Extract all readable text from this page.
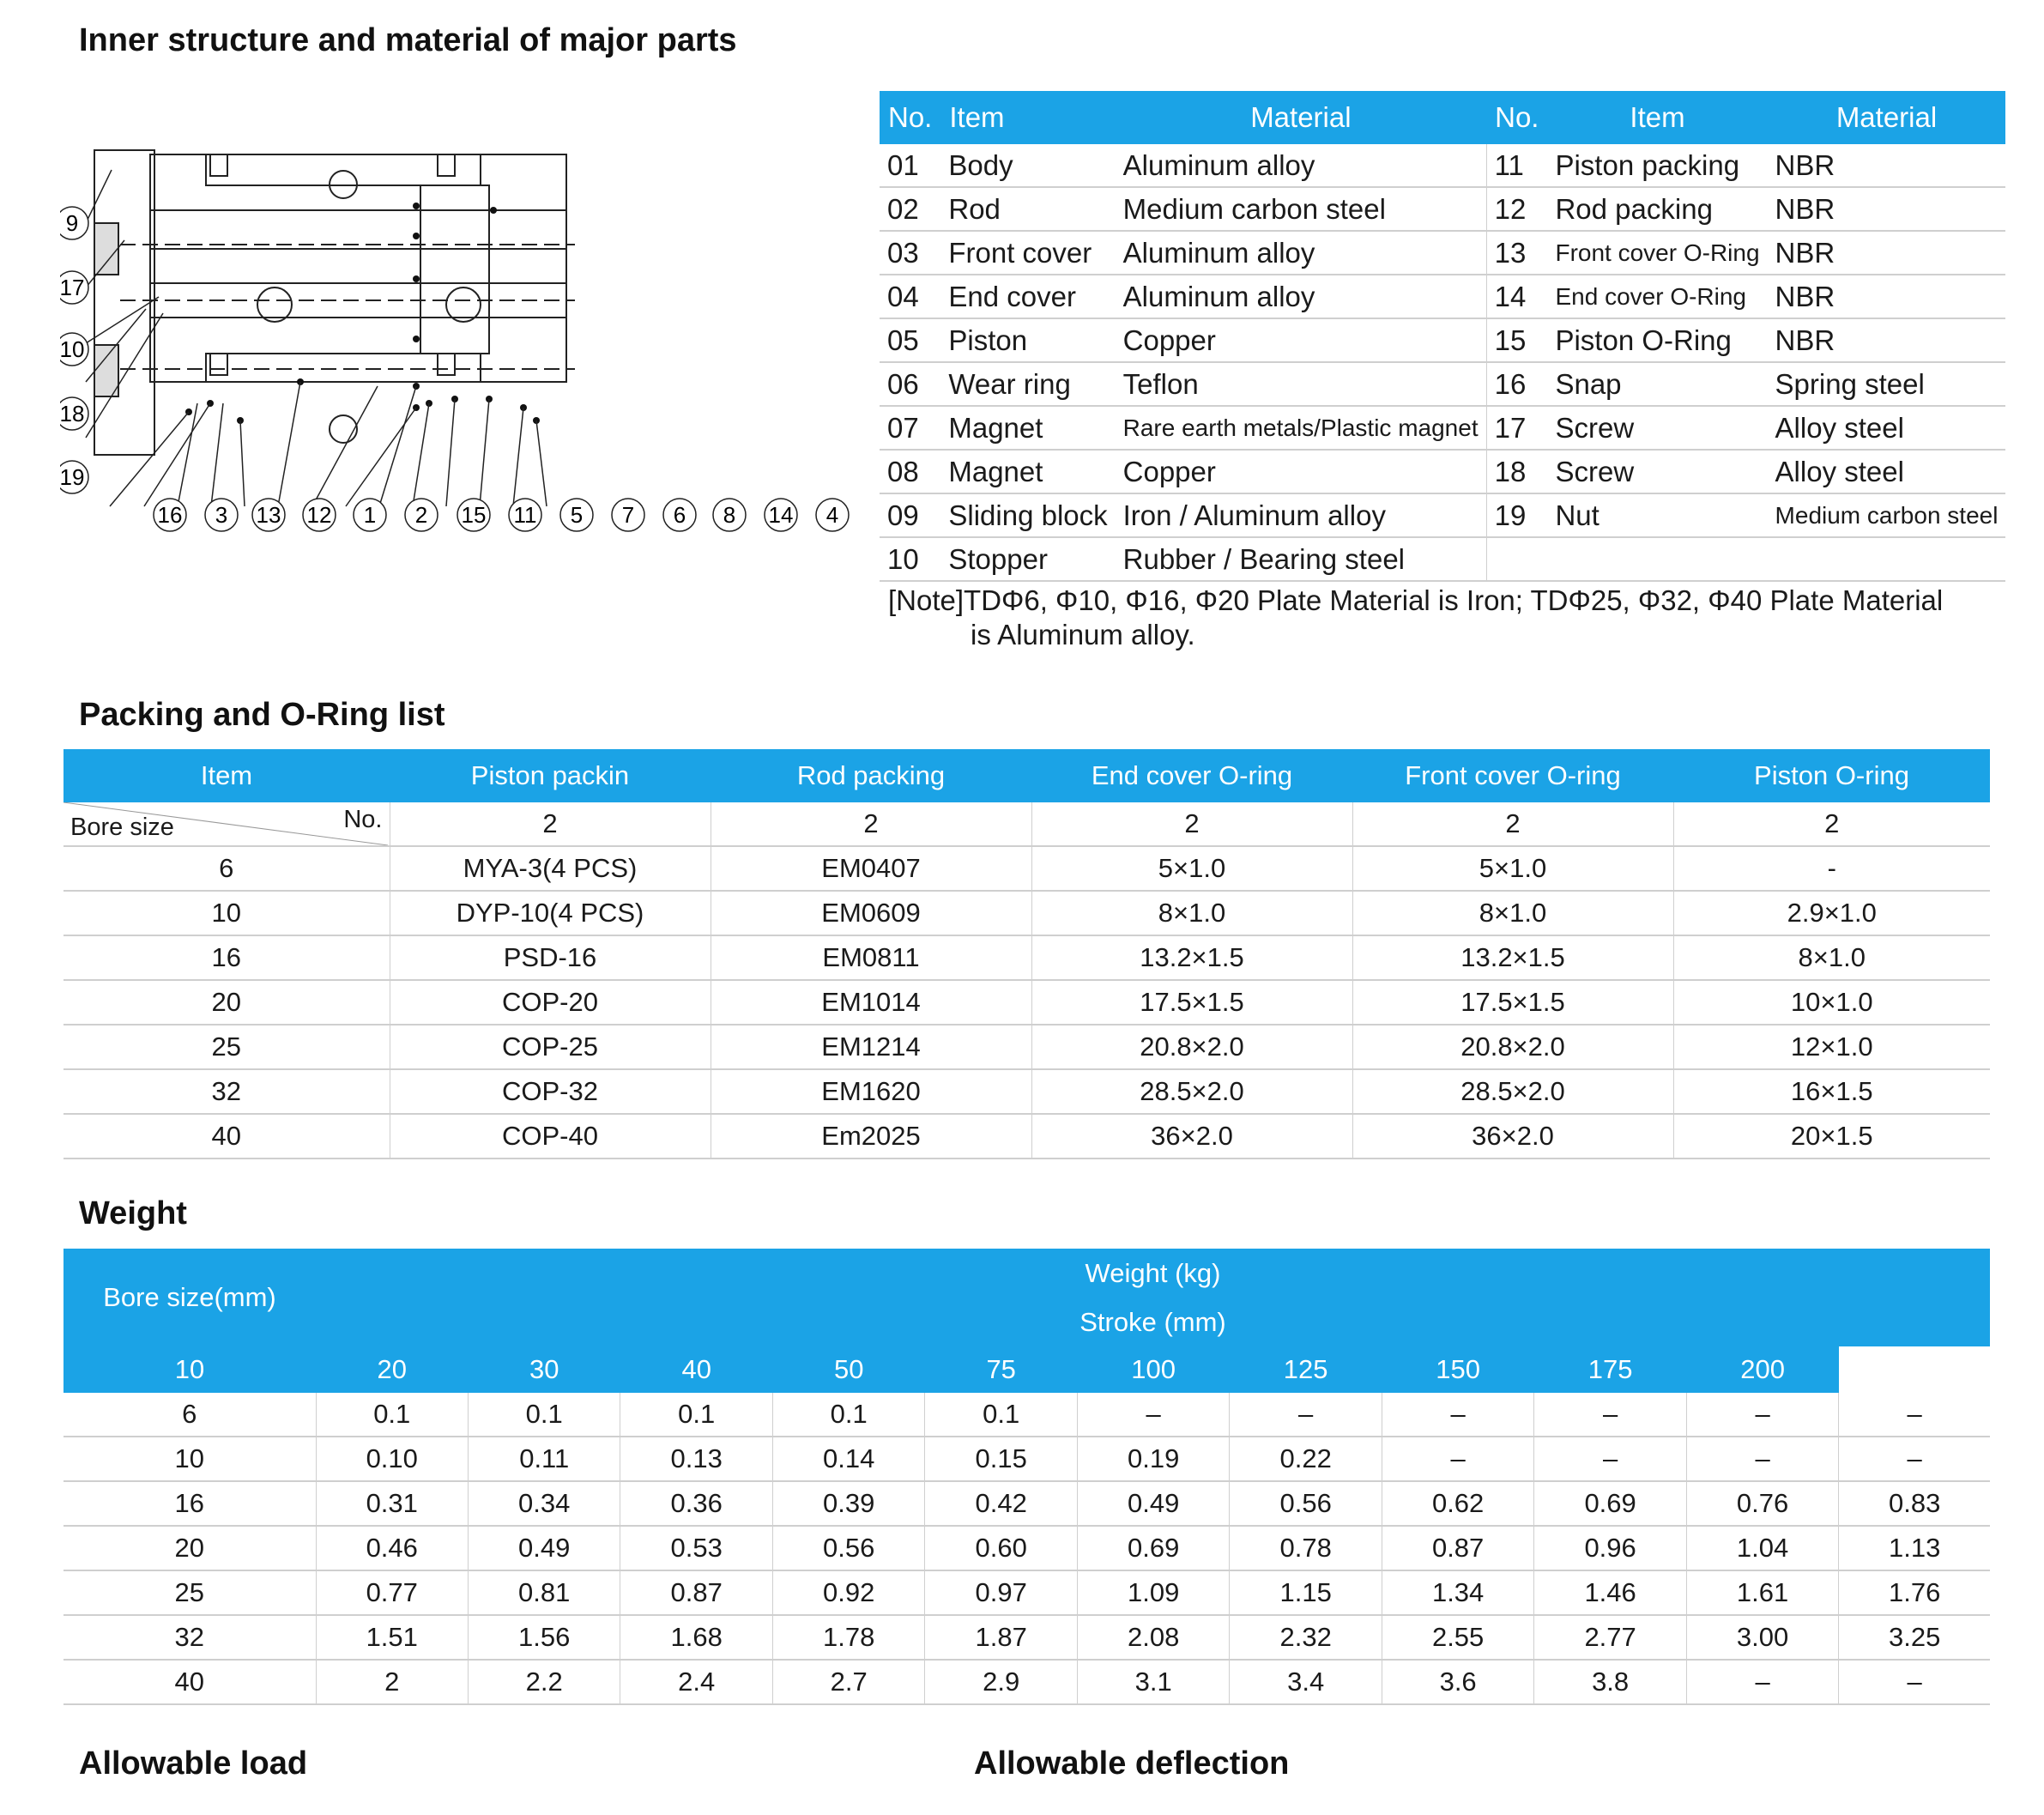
Inner structure and material of major parts
9
17
10
18
19
16 3 13 12 1 2 15 11 5 7 6 8 14 4
No.	Item	Material	No.	Item	Material
01	Body	Aluminum alloy	11	Piston packing	NBR
02	Rod	Medium carbon steel	12	Rod packing	NBR
03	Front cover	Aluminum alloy	13	Front cover O-Ring	NBR
04	End cover	Aluminum alloy	14	End cover O-Ring	NBR
05	Piston	Copper	15	Piston O-Ring	NBR
06	Wear ring	Teflon	16	Snap	Spring steel
07	Magnet	Rare earth metals/Plastic magnet	17	Screw	Alloy steel
08	Magnet	Copper	18	Screw	Alloy steel
09	Sliding block	Iron / Aluminum alloy	19	Nut	Medium carbon steel
10	Stopper	Rubber / Bearing steel			
[Note]TDΦ6, Φ10, Φ16, Φ20 Plate Material is Iron; TDΦ25, Φ32, Φ40 Plate Material
is Aluminum alloy.
Packing and O-Ring list
Item	Piston packin	Rod packing	End cover O-ring	Front cover O-ring	Piston O-ring

Bore size No.	2	2	2	2	2
6	MYA-3(4 PCS)	EM0407	5×1.0	5×1.0	-
10	DYP-10(4 PCS)	EM0609	8×1.0	8×1.0	2.9×1.0
16	PSD-16	EM0811	13.2×1.5	13.2×1.5	8×1.0
20	COP-20	EM1014	17.5×1.5	17.5×1.5	10×1.0
25	COP-25	EM1214	20.8×2.0	20.8×2.0	12×1.0
32	COP-32	EM1620	28.5×2.0	28.5×2.0	16×1.5
40	COP-40	Em2025	36×2.0	36×2.0	20×1.5
Weight
Bore size(mm)	Weight (kg)										
	Stroke (mm)										
10	20	30	40	50	75	100	125	150	175	200	
6	0.1	0.1	0.1	0.1	0.1	–	–	–	–	–	–
10	0.10	0.11	0.13	0.14	0.15	0.19	0.22	–	–	–	–
16	0.31	0.34	0.36	0.39	0.42	0.49	0.56	0.62	0.69	0.76	0.83
20	0.46	0.49	0.53	0.56	0.60	0.69	0.78	0.87	0.96	1.04	1.13
25	0.77	0.81	0.87	0.92	0.97	1.09	1.15	1.34	1.46	1.61	1.76
32	1.51	1.56	1.68	1.78	1.87	2.08	2.32	2.55	2.77	3.00	3.25
40	2	2.2	2.4	2.7	2.9	3.1	3.4	3.6	3.8	–	–
Allowable load	Allowable deflection
